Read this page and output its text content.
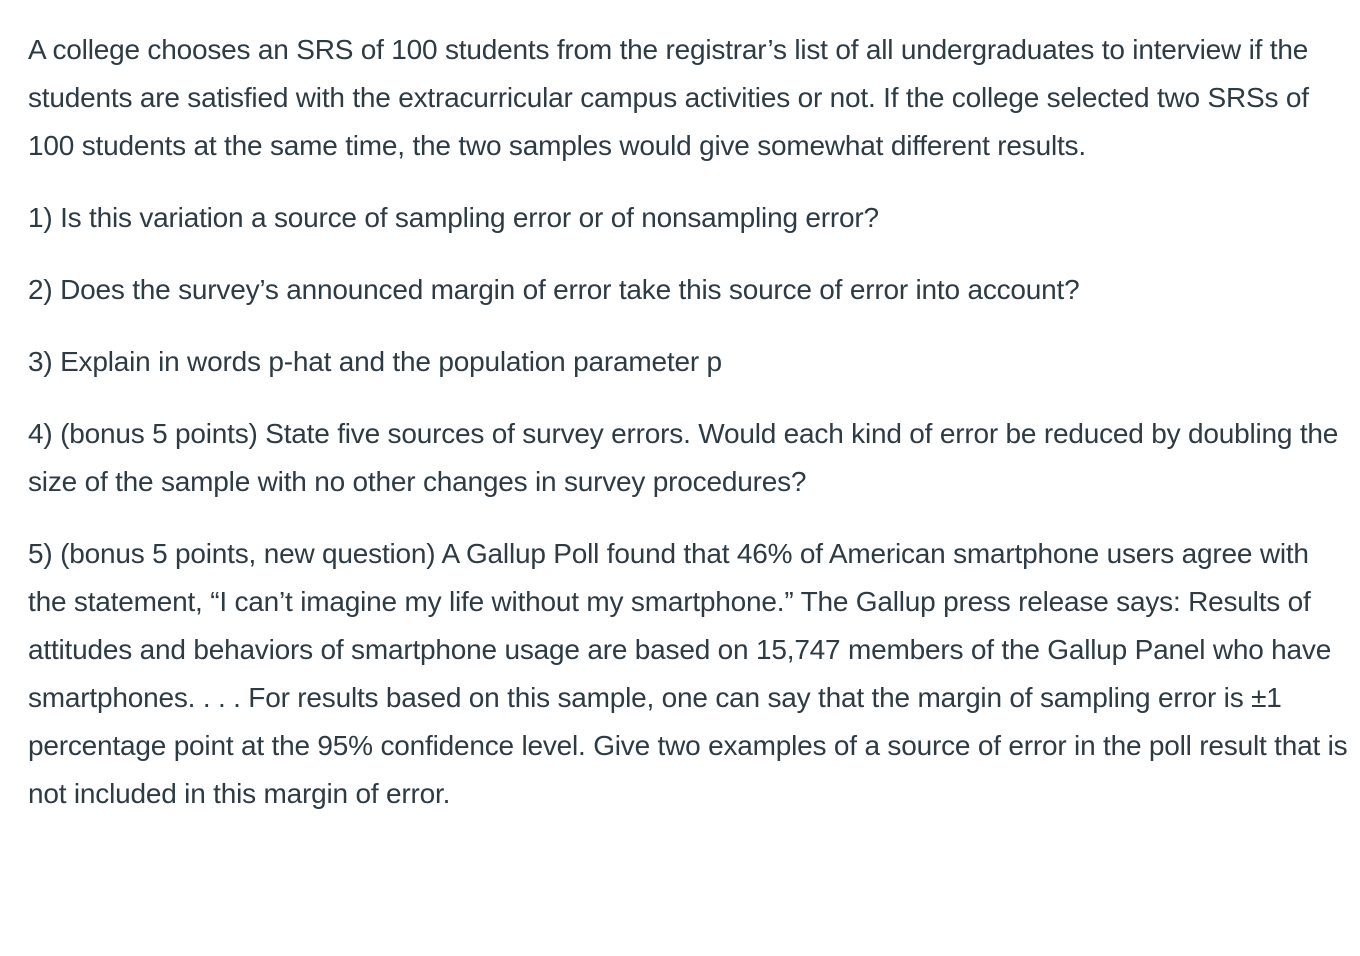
A college chooses an SRS of 100 students from the registrar’s list of all undergraduates to interview if the students are satisfied with the extracurricular campus activities or not. If the college selected two SRSs of 100 students at the same time, the two samples would give somewhat different results.

1) Is this variation a source of sampling error or of nonsampling error?

2) Does the survey’s announced margin of error take this source of error into account?

3) Explain in words p-hat and the population parameter p

4) (bonus 5 points) State five sources of survey errors. Would each kind of error be reduced by doubling the size of the sample with no other changes in survey procedures?

5) (bonus 5 points, new question) A Gallup Poll found that 46% of American smartphone users agree with the statement, “I can’t imagine my life without my smartphone.” The Gallup press release says: Results of attitudes and behaviors of smartphone usage are based on 15,747 members of the Gallup Panel who have smartphones. . . . For results based on this sample, one can say that the margin of sampling error is ±1 percentage point at the 95% confidence level. Give two examples of a source of error in the poll result that is not included in this margin of error.
